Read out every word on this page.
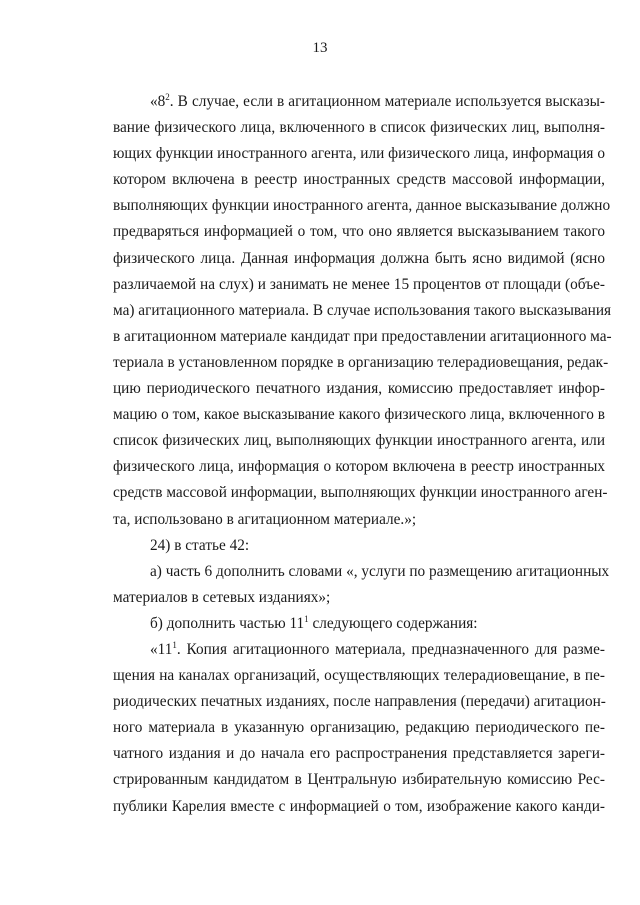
13
«$8^2$. В случае, если в агитационном материале используется высказы-
вание физического лица, включенного в список физических лиц, выполня-
ющих функции иностранного агента, или физического лица, информация о
котором включена в реестр иностранных средств массовой информации,
выполняющих функции иностранного агента, данное высказывание должно
предваряться информацией о том, что оно является высказыванием такого
физического лица. Данная информация должна быть ясно видимой (ясно
различаемой на слух) и занимать не менее 15 процентов от площади (объе-
ма) агитационного материала. В случае использования такого высказывания
в агитационном материале кандидат при предоставлении агитационного ма-
териала в установленном порядке в организацию телерадиовещания, редак-
цию периодического печатного издания, комиссию предоставляет инфор-
мацию о том, какое высказывание какого физического лица, включенного в
список физических лиц, выполняющих функции иностранного агента, или
физического лица, информация о котором включена в реестр иностранных
средств массовой информации, выполняющих функции иностранного аген-
та, использовано в агитационном материале.»;
24) в статье 42:
а) часть 6 дополнить словами «, услуги по размещению агитационных
материалов в сетевых изданиях»;
б) дополнить частью $11^1$ следующего содержания:
«$11^1$. Копия агитационного материала, предназначенного для разме-
щения на каналах организаций, осуществляющих телерадиовещание, в пе-
риодических печатных изданиях, после направления (передачи) агитацион-
ного материала в указанную организацию, редакцию периодического пе-
чатного издания и до начала его распространения представляется зареги-
стрированным кандидатом в Центральную избирательную комиссию Рес-
публики Карелия вместе с информацией о том, изображение какого канди-
